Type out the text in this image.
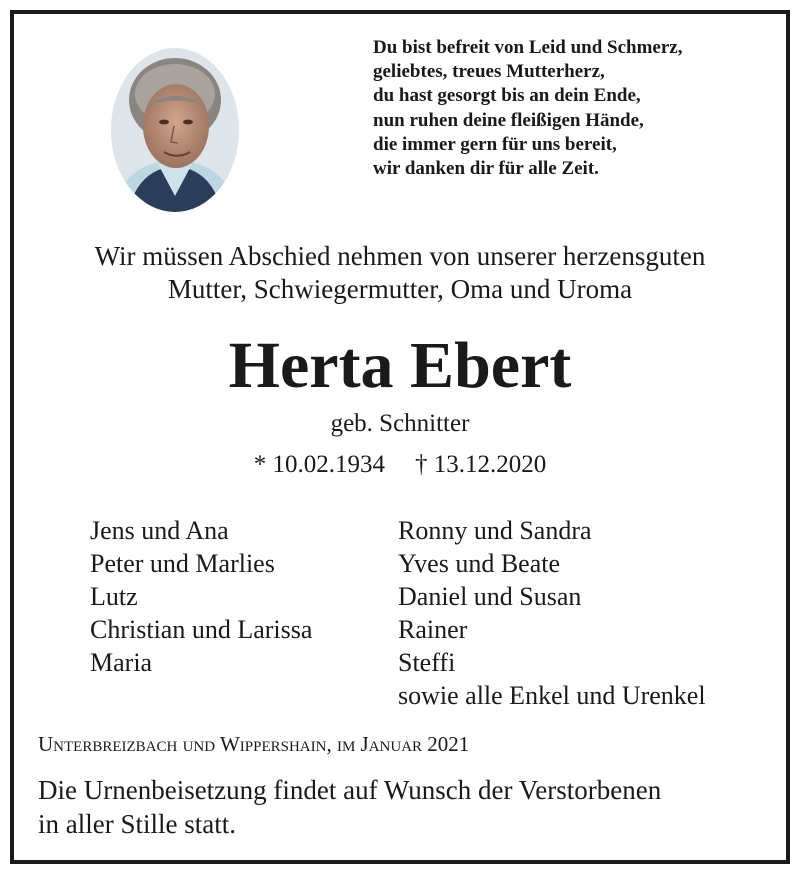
Du bist befreit von Leid und Schmerz,
geliebtes, treues Mutterherz,
du hast gesorgt bis an dein Ende,
nun ruhen deine fleißigen Hände,
die immer gern für uns bereit,
wir danken dir für alle Zeit.
Wir müssen Abschied nehmen von unserer herzensguten
Mutter, Schwiegermutter, Oma und Uroma
Herta Ebert
geb. Schnitter
* 10.02.1934 † 13.12.2020
Jens und Ana
Peter und Marlies
Lutz
Christian und Larissa
Maria
Ronny und Sandra
Yves und Beate
Daniel und Susan
Rainer
Steffi
sowie alle Enkel und Urenkel
Unterbreizbach und Wippershain, im Januar 2021
Die Urnenbeisetzung findet auf Wunsch der Verstorbenen
in aller Stille statt.
